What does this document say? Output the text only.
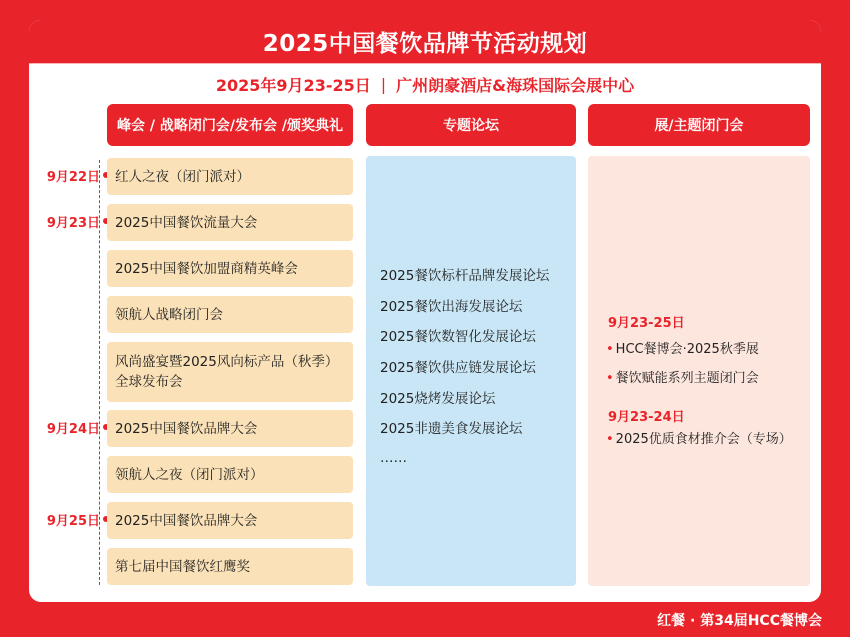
2025中国餐饮品牌节活动规划
2025年9月23-25日 | 广州朗豪酒店&海珠国际会展中心
峰会 / 战略闭门会/发布会 /颁奖典礼	专题论坛	展/主题闭门会
9月22日
9月23日
9月24日
9月25日
红人之夜（闭门派对）
2025中国餐饮流量大会
2025中国餐饮加盟商精英峰会
领航人战略闭门会
风尚盛宴暨2025风向标产品（秋季）
全球发布会
2025中国餐饮品牌大会
领航人之夜（闭门派对）
2025中国餐饮品牌大会
第七届中国餐饮红鹰奖
2025餐饮标杆品牌发展论坛
2025餐饮出海发展论坛
2025餐饮数智化发展论坛
2025餐饮供应链发展论坛
2025烧烤发展论坛
2025非遗美食发展论坛
……
9月23-25日
• HCC餐博会·2025秋季展
• 餐饮赋能系列主题闭门会
9月23-24日
• 2025优质食材推介会（专场）
红餐 · 第34届HCC餐博会
